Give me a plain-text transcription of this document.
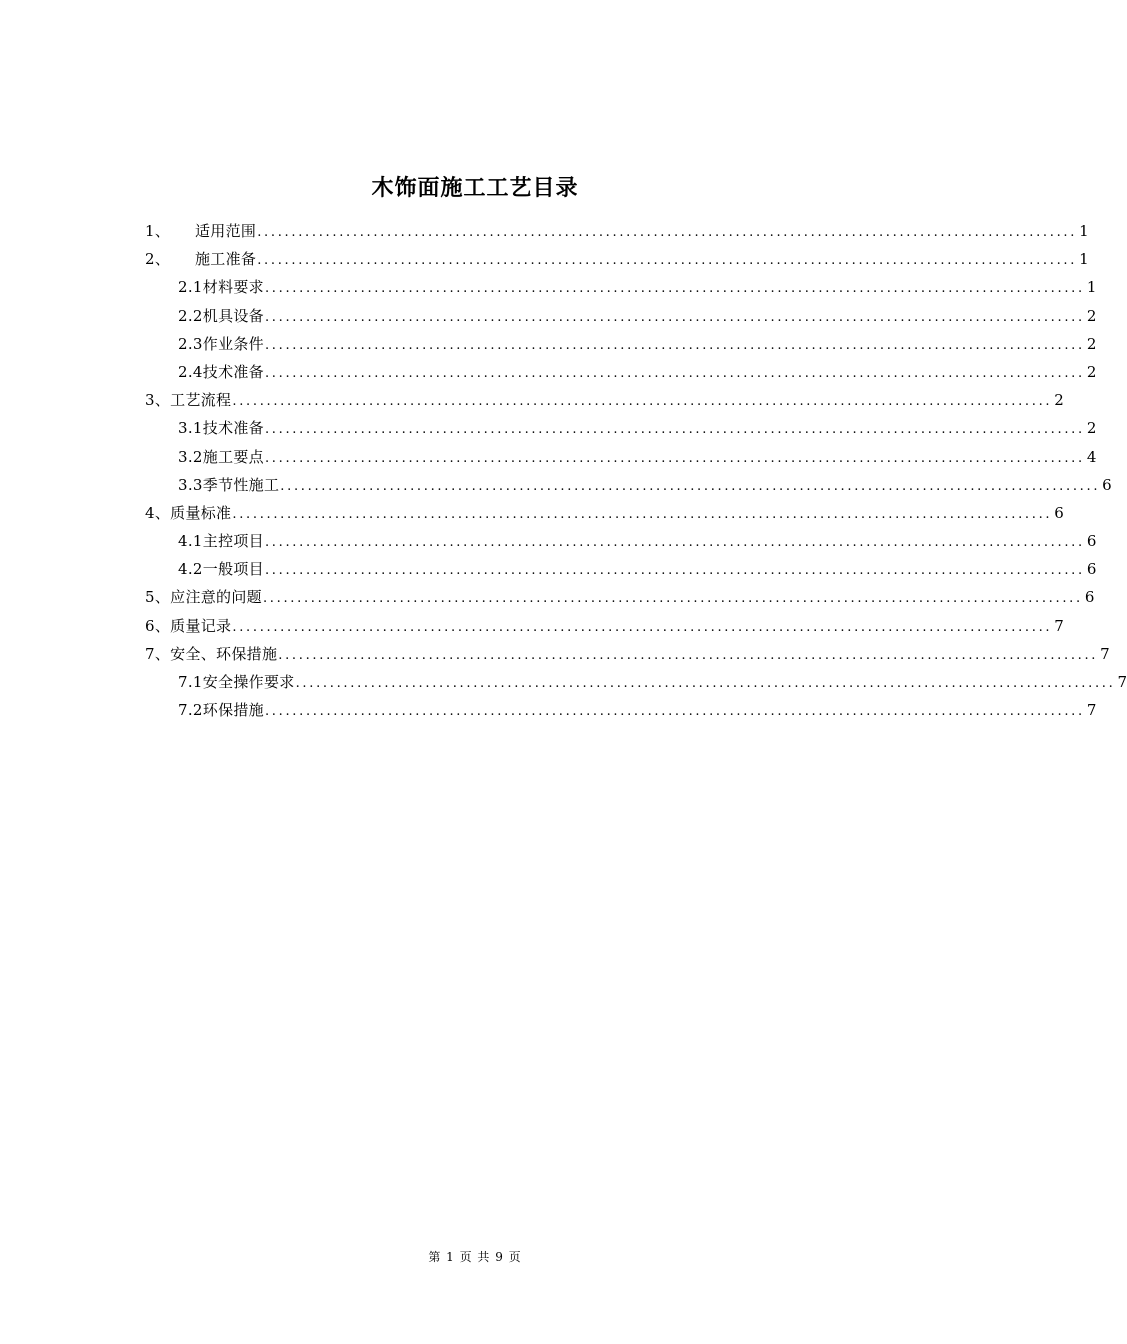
木饰面施工工艺目录
1、 适用范围 ........................................................................................................................ 1
2、 施工准备 ........................................................................................................................ 1
2.1材料要求 ........................................................................................................................ 1
2.2机具设备 ........................................................................................................................ 2
2.3作业条件 ........................................................................................................................ 2
2.4技术准备 ........................................................................................................................ 2
3、工艺流程 ........................................................................................................................ 2
3.1技术准备 ........................................................................................................................ 2
3.2施工要点 ........................................................................................................................ 4
3.3季节性施工 ........................................................................................................................ 6
4、质量标准 ........................................................................................................................ 6
4.1主控项目 ........................................................................................................................ 6
4.2一般项目 ........................................................................................................................ 6
5、应注意的问题 ........................................................................................................................ 6
6、质量记录 ........................................................................................................................ 7
7、安全、环保措施 ........................................................................................................................ 7
7.1安全操作要求 ........................................................................................................................ 7
7.2环保措施 ........................................................................................................................ 7
第 1 页 共 9 页
